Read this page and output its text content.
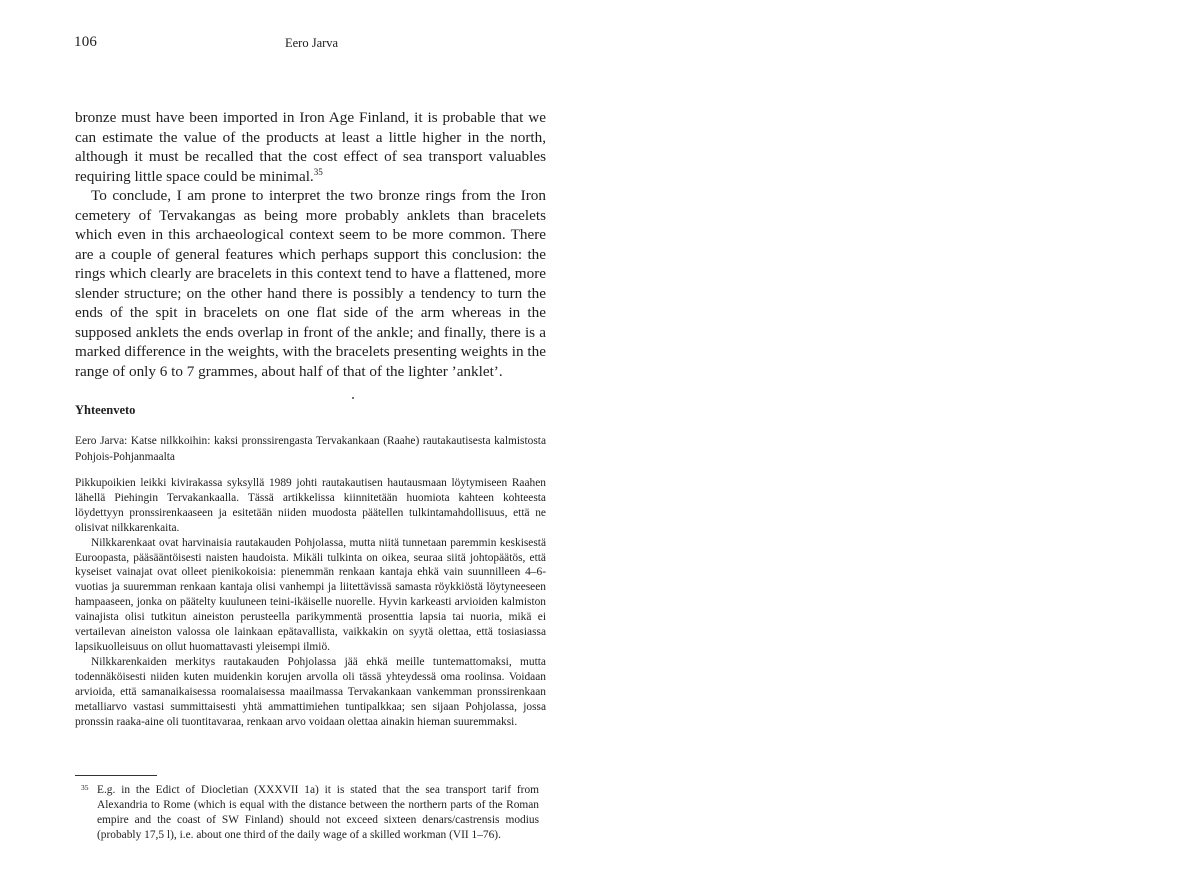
106	Eero Jarva

bronze must have been imported in Iron Age Finland, it is probable that we can estimate the value of the products at least a little higher in the north, although it must be recalled that the cost effect of sea transport valuables requiring little space could be minimal.$^{35}$

To conclude, I am prone to interpret the two bronze rings from the Iron cemetery of Tervakangas as being more probably anklets than bracelets which even in this archaeological context seem to be more common. There are a couple of general features which perhaps support this conclusion: the rings which clearly are bracelets in this context tend to have a flattened, more slender structure; on the other hand there is possibly a tendency to turn the ends of the spit in bracelets on one flat side of the arm whereas in the supposed anklets the ends overlap in front of the ankle; and finally, there is a marked difference in the weights, with the bracelets presenting weights in the range of only 6 to 7 grammes, about half of that of the lighter ’anklet’.

Yhteenveto
Eero Jarva: Katse nilkkoihin: kaksi pronssirengasta Tervakankaan (Raahe) rautakautisesta kalmistosta Pohjois-Pohjanmaalta

Pikkupoikien leikki kivirakassa syksyllä 1989 johti rautakautisen hautausmaan löytymiseen Raahen lähellä Piehingin Tervakankaalla. Tässä artikkelissa kiinnitetään huomiota kahteen kohteesta löydettyyn pronssirenkaaseen ja esitetään niiden muodosta päätellen tulkintamahdollisuus, että ne olisivat nilkkarenkaita.

Nilkkarenkaat ovat harvinaisia rautakauden Pohjolassa, mutta niitä tunnetaan paremmin keskisestä Euroopasta, pääsääntöisesti naisten haudoista. Mikäli tulkinta on oikea, seuraa siitä johtopäätös, että kyseiset vainajat ovat olleet pienikokoisia: pienemmän renkaan kantaja ehkä vain suunnilleen 4–6-vuotias ja suuremman renkaan kantaja olisi vanhempi ja liitettävissä samasta röykkiöstä löytyneeseen hampaaseen, jonka on päätelty kuuluneen teini-ikäiselle nuorelle. Hyvin karkeasti arvioiden kalmiston vainajista olisi tutkitun aineiston perusteella parikymmentä prosenttia lapsia tai nuoria, mikä ei vertailevan aineiston valossa ole lainkaan epätavallista, vaikkakin on syytä olettaa, että tosiasiassa lapsikuolleisuus on ollut huomattavasti yleisempi ilmiö.

Nilkkarenkaiden merkitys rautakauden Pohjolassa jää ehkä meille tuntemattomaksi, mutta todennäköisesti niiden kuten muidenkin korujen arvolla oli tässä yhteydessä oma roolinsa. Voidaan arvioida, että samanaikaisessa roomalaisessa maailmassa Tervakankaan vankemman pronssirenkaan metalliarvo vastasi summittaisesti yhtä ammattimiehen tuntipalkkaa; sen sijaan Pohjolassa, jossa pronssin raaka-aine oli tuontitavaraa, renkaan arvo voidaan olettaa ainakin hieman suuremmaksi.

35 E.g. in the Edict of Diocletian (XXXVII 1a) it is stated that the sea transport tarif from Alexandria to Rome (which is equal with the distance between the northern parts of the Roman empire and the coast of SW Finland) should not exceed sixteen denars/castrensis modius (probably 17,5 l), i.e. about one third of the daily wage of a skilled workman (VII 1–76).
